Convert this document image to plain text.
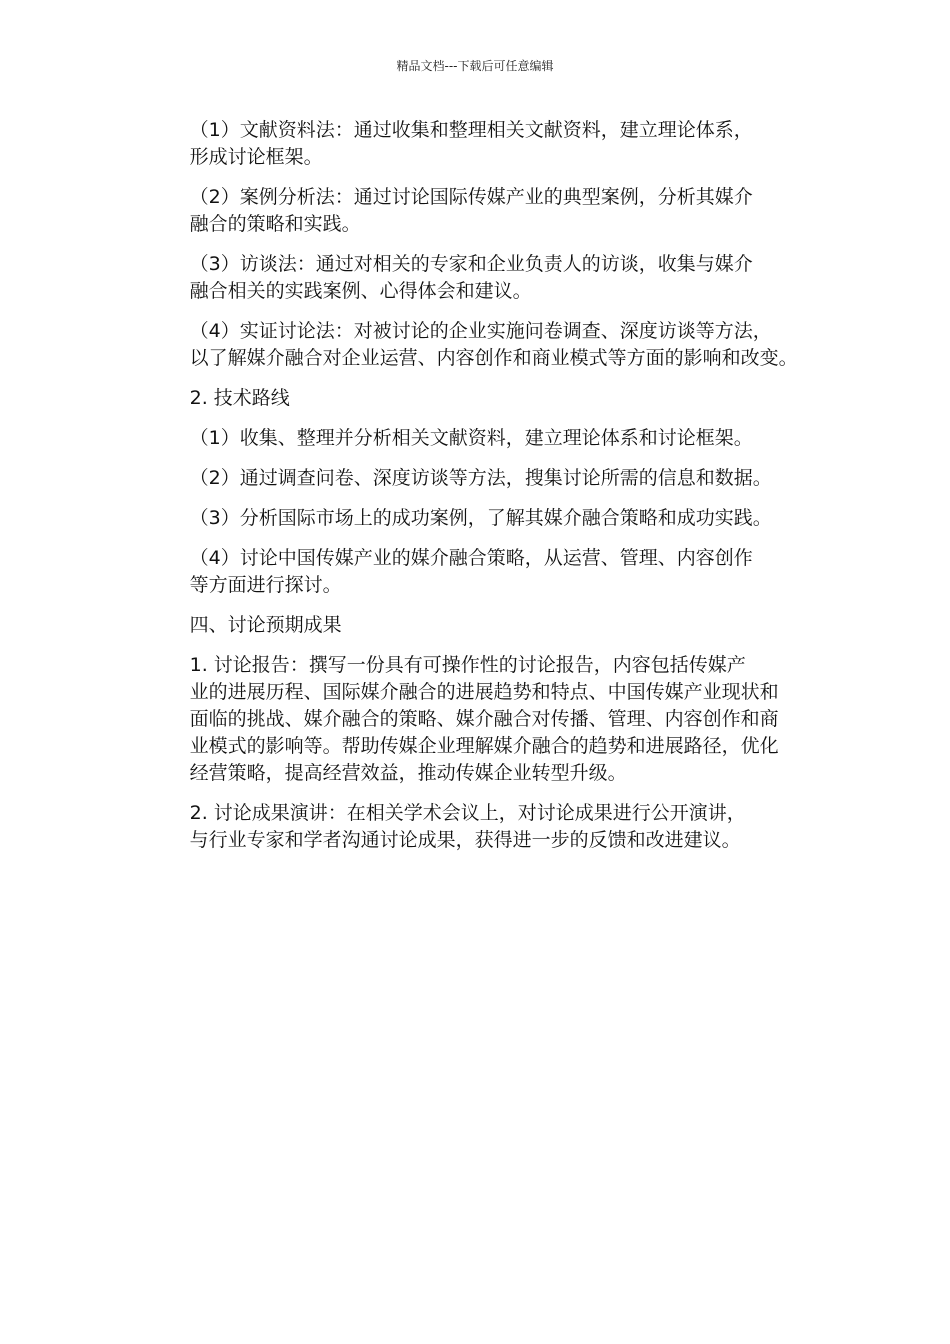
精品文档---下载后可任意编辑

（1）文献资料法：通过收集和整理相关文献资料，建立理论体系，
形成讨论框架。

（2）案例分析法：通过讨论国际传媒产业的典型案例，分析其媒介
融合的策略和实践。

（3）访谈法：通过对相关的专家和企业负责人的访谈，收集与媒介
融合相关的实践案例、心得体会和建议。

（4）实证讨论法：对被讨论的企业实施问卷调查、深度访谈等方法，
以了解媒介融合对企业运营、内容创作和商业模式等方面的影响和改变。

2. 技术路线

（1）收集、整理并分析相关文献资料，建立理论体系和讨论框架。

（2）通过调查问卷、深度访谈等方法，搜集讨论所需的信息和数据。

（3）分析国际市场上的成功案例，了解其媒介融合策略和成功实践。

（4）讨论中国传媒产业的媒介融合策略，从运营、管理、内容创作
等方面进行探讨。

四、讨论预期成果

1. 讨论报告：撰写一份具有可操作性的讨论报告，内容包括传媒产
业的进展历程、国际媒介融合的进展趋势和特点、中国传媒产业现状和
面临的挑战、媒介融合的策略、媒介融合对传播、管理、内容创作和商
业模式的影响等。帮助传媒企业理解媒介融合的趋势和进展路径，优化
经营策略，提高经营效益，推动传媒企业转型升级。

2. 讨论成果演讲：在相关学术会议上，对讨论成果进行公开演讲，
与行业专家和学者沟通讨论成果，获得进一步的反馈和改进建议。
